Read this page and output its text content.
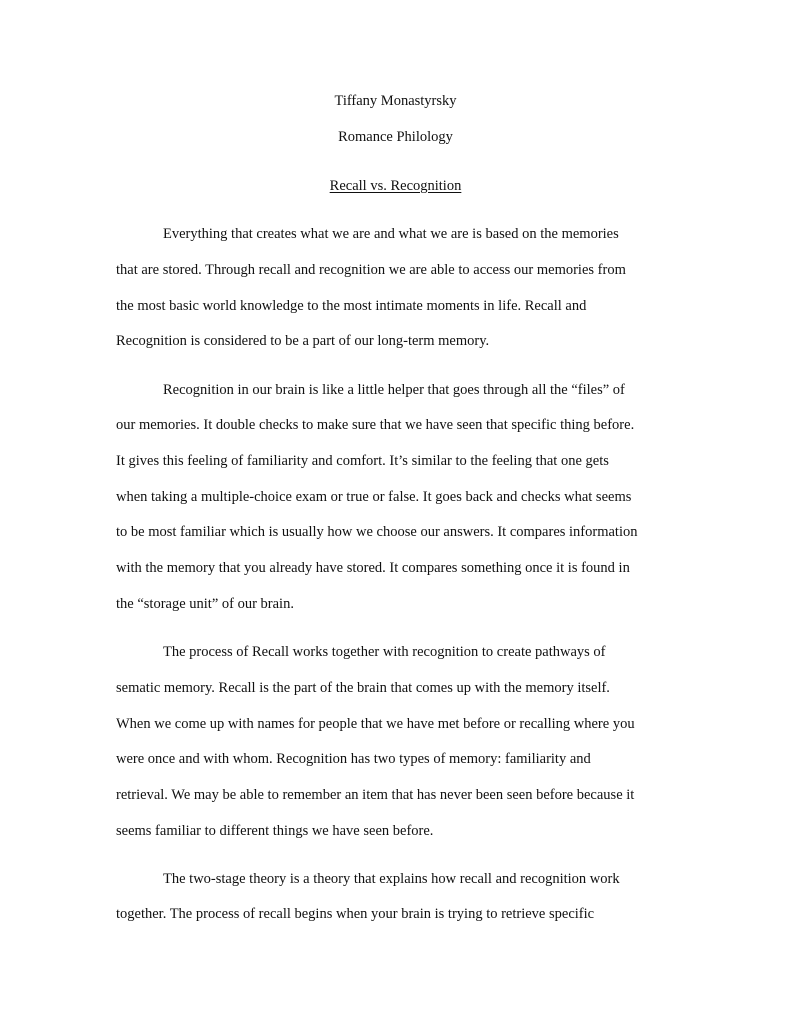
Tiffany Monastyrsky
Romance Philology
Recall vs. Recognition
Everything that creates what we are and what we are is based on the memories
that are stored. Through recall and recognition we are able to access our memories from
the most basic world knowledge to the most intimate moments in life. Recall and
Recognition is considered to be a part of our long-term memory.
Recognition in our brain is like a little helper that goes through all the “files” of
our memories. It double checks to make sure that we have seen that specific thing before.
It gives this feeling of familiarity and comfort. It’s similar to the feeling that one gets
when taking a multiple-choice exam or true or false. It goes back and checks what seems
to be most familiar which is usually how we choose our answers. It compares information
with the memory that you already have stored. It compares something once it is found in
the “storage unit” of our brain.
The process of Recall works together with recognition to create pathways of
sematic memory. Recall is the part of the brain that comes up with the memory itself.
When we come up with names for people that we have met before or recalling where you
were once and with whom. Recognition has two types of memory: familiarity and
retrieval. We may be able to remember an item that has never been seen before because it
seems familiar to different things we have seen before.
The two-stage theory is a theory that explains how recall and recognition work
together. The process of recall begins when your brain is trying to retrieve specific
